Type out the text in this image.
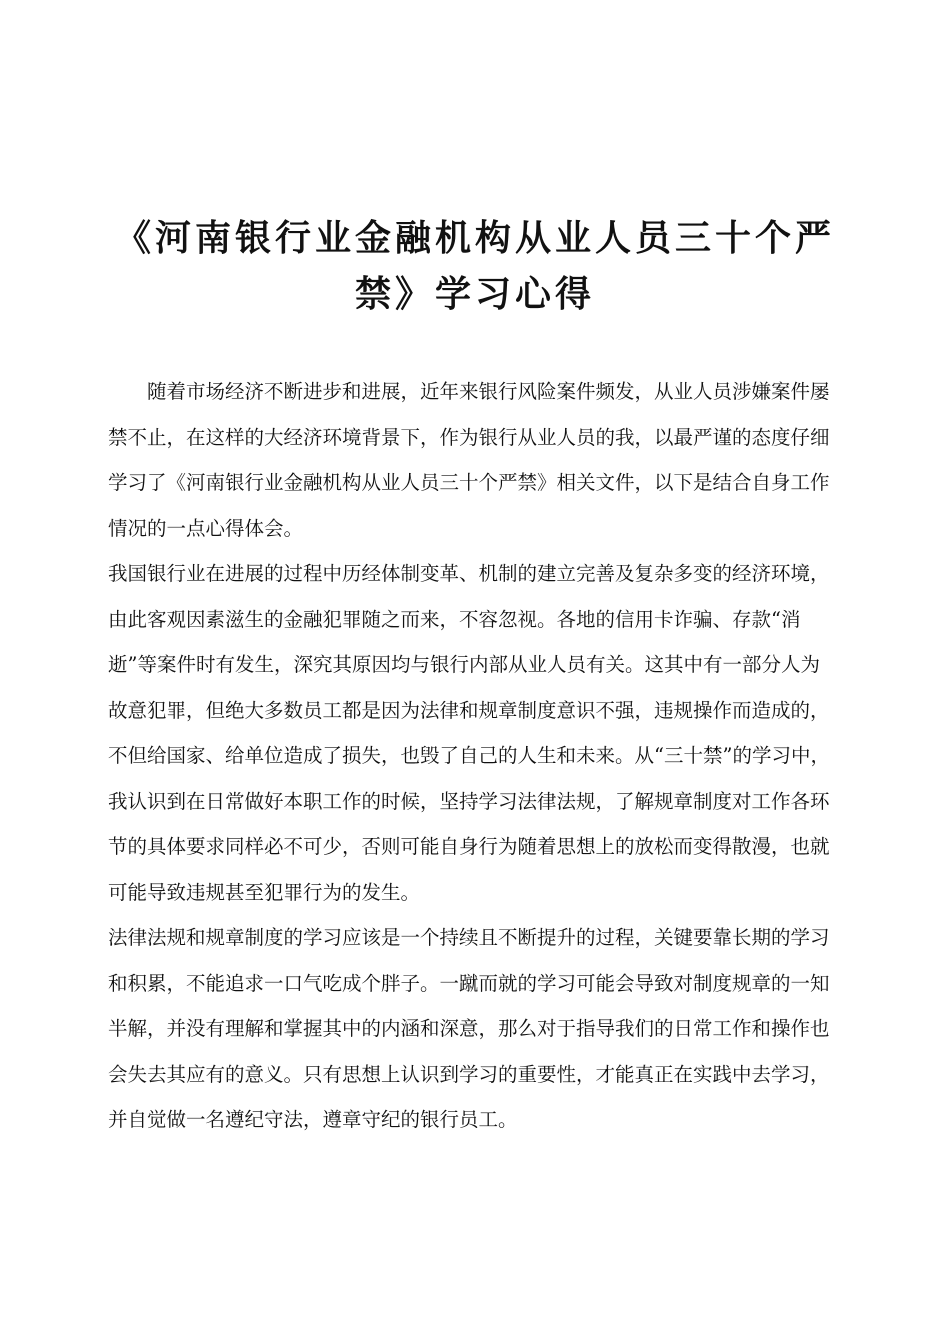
《河南银行业金融机构从业人员三十个严
禁》学习心得

随着市场经济不断进步和进展，近年来银行风险案件频发，从业人员涉嫌案件屡
禁不止，在这样的大经济环境背景下，作为银行从业人员的我，以最严谨的态度仔细
学习了《河南银行业金融机构从业人员三十个严禁》相关文件，以下是结合自身工作
情况的一点心得体会。

我国银行业在进展的过程中历经体制变革、机制的建立完善及复杂多变的经济环境，
由此客观因素滋生的金融犯罪随之而来，不容忽视。各地的信用卡诈骗、存款“消
逝”等案件时有发生，深究其原因均与银行内部从业人员有关。这其中有一部分人为
故意犯罪，但绝大多数员工都是因为法律和规章制度意识不强，违规操作而造成的，
不但给国家、给单位造成了损失，也毁了自己的人生和未来。从“三十禁”的学习中，
我认识到在日常做好本职工作的时候，坚持学习法律法规，了解规章制度对工作各环
节的具体要求同样必不可少，否则可能自身行为随着思想上的放松而变得散漫，也就
可能导致违规甚至犯罪行为的发生。

法律法规和规章制度的学习应该是一个持续且不断提升的过程，关键要靠长期的学习
和积累，不能追求一口气吃成个胖子。一蹴而就的学习可能会导致对制度规章的一知
半解，并没有理解和掌握其中的内涵和深意，那么对于指导我们的日常工作和操作也
会失去其应有的意义。只有思想上认识到学习的重要性，才能真正在实践中去学习，
并自觉做一名遵纪守法，遵章守纪的银行员工。
